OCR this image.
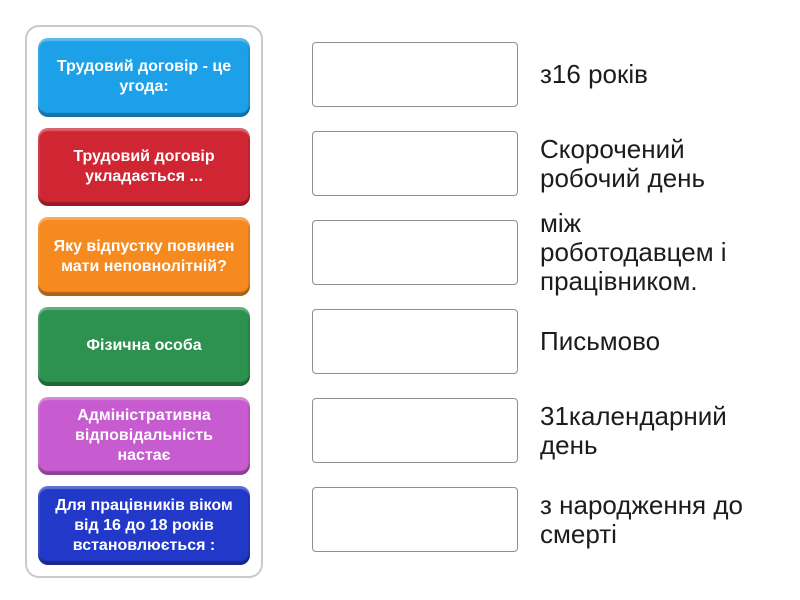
Трудовий договір - це угода:
Трудовий договір укладається ...
Яку відпустку повинен мати неповнолітній?
Фізична особа
Адміністративна відповідальність настає
Для працівників віком від 16 до 18 років встановлюється :
з16 років
Скорочений робочий день
між роботодавцем і працівником.
Письмово
31календарний день
з народження до смерті
